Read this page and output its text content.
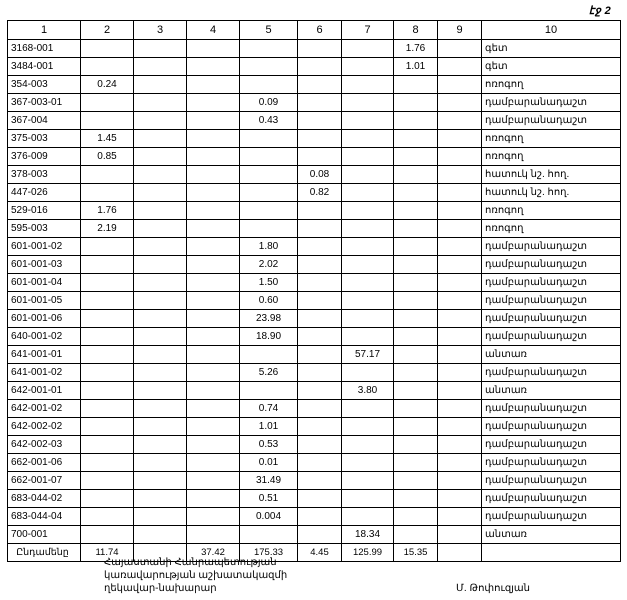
էջ 2
1	2	3	4	5	6	7	8	9	10
3168-001							1.76		գետ
3484-001							1.01		գետ
354-003	0.24								ոռոգող
367-003-01				0.09					դամբարանադաշտ
367-004				0.43					դամբարանադաշտ
375-003	1.45								ոռոգող
376-009	0.85								ոռոգող
378-003					0.08				հատուկ նշ. հող.
447-026					0.82				հատուկ նշ. հող.
529-016	1.76								ոռոգող
595-003	2.19								ոռոգող
601-001-02				1.80					դամբարանադաշտ
601-001-03				2.02					դամբարանադաշտ
601-001-04				1.50					դամբարանադաշտ
601-001-05				0.60					դամբարանադաշտ
601-001-06				23.98					դամբարանադաշտ
640-001-02				18.90					դամբարանադաշտ
641-001-01						57.17			անտառ
641-001-02				5.26					դամբարանադաշտ
642-001-01						3.80			անտառ
642-001-02				0.74					դամբարանադաշտ
642-002-02				1.01					դամբարանադաշտ
642-002-03				0.53					դամբարանադաշտ
662-001-06				0.01					դամբարանադաշտ
662-001-07				31.49					դամբարանադաշտ
683-044-02				0.51					դամբարանադաշտ
683-044-04				0.004					դամբարանադաշտ
700-001						18.34			անտառ
Ընդամենը	11.74		37.42	175.33	4.45	125.99	15.35		
Հայաստանի Հանրապետության
կառավարության աշխատակազմի
ղեկավար-նախարար	Մ. Թոփուզյան
